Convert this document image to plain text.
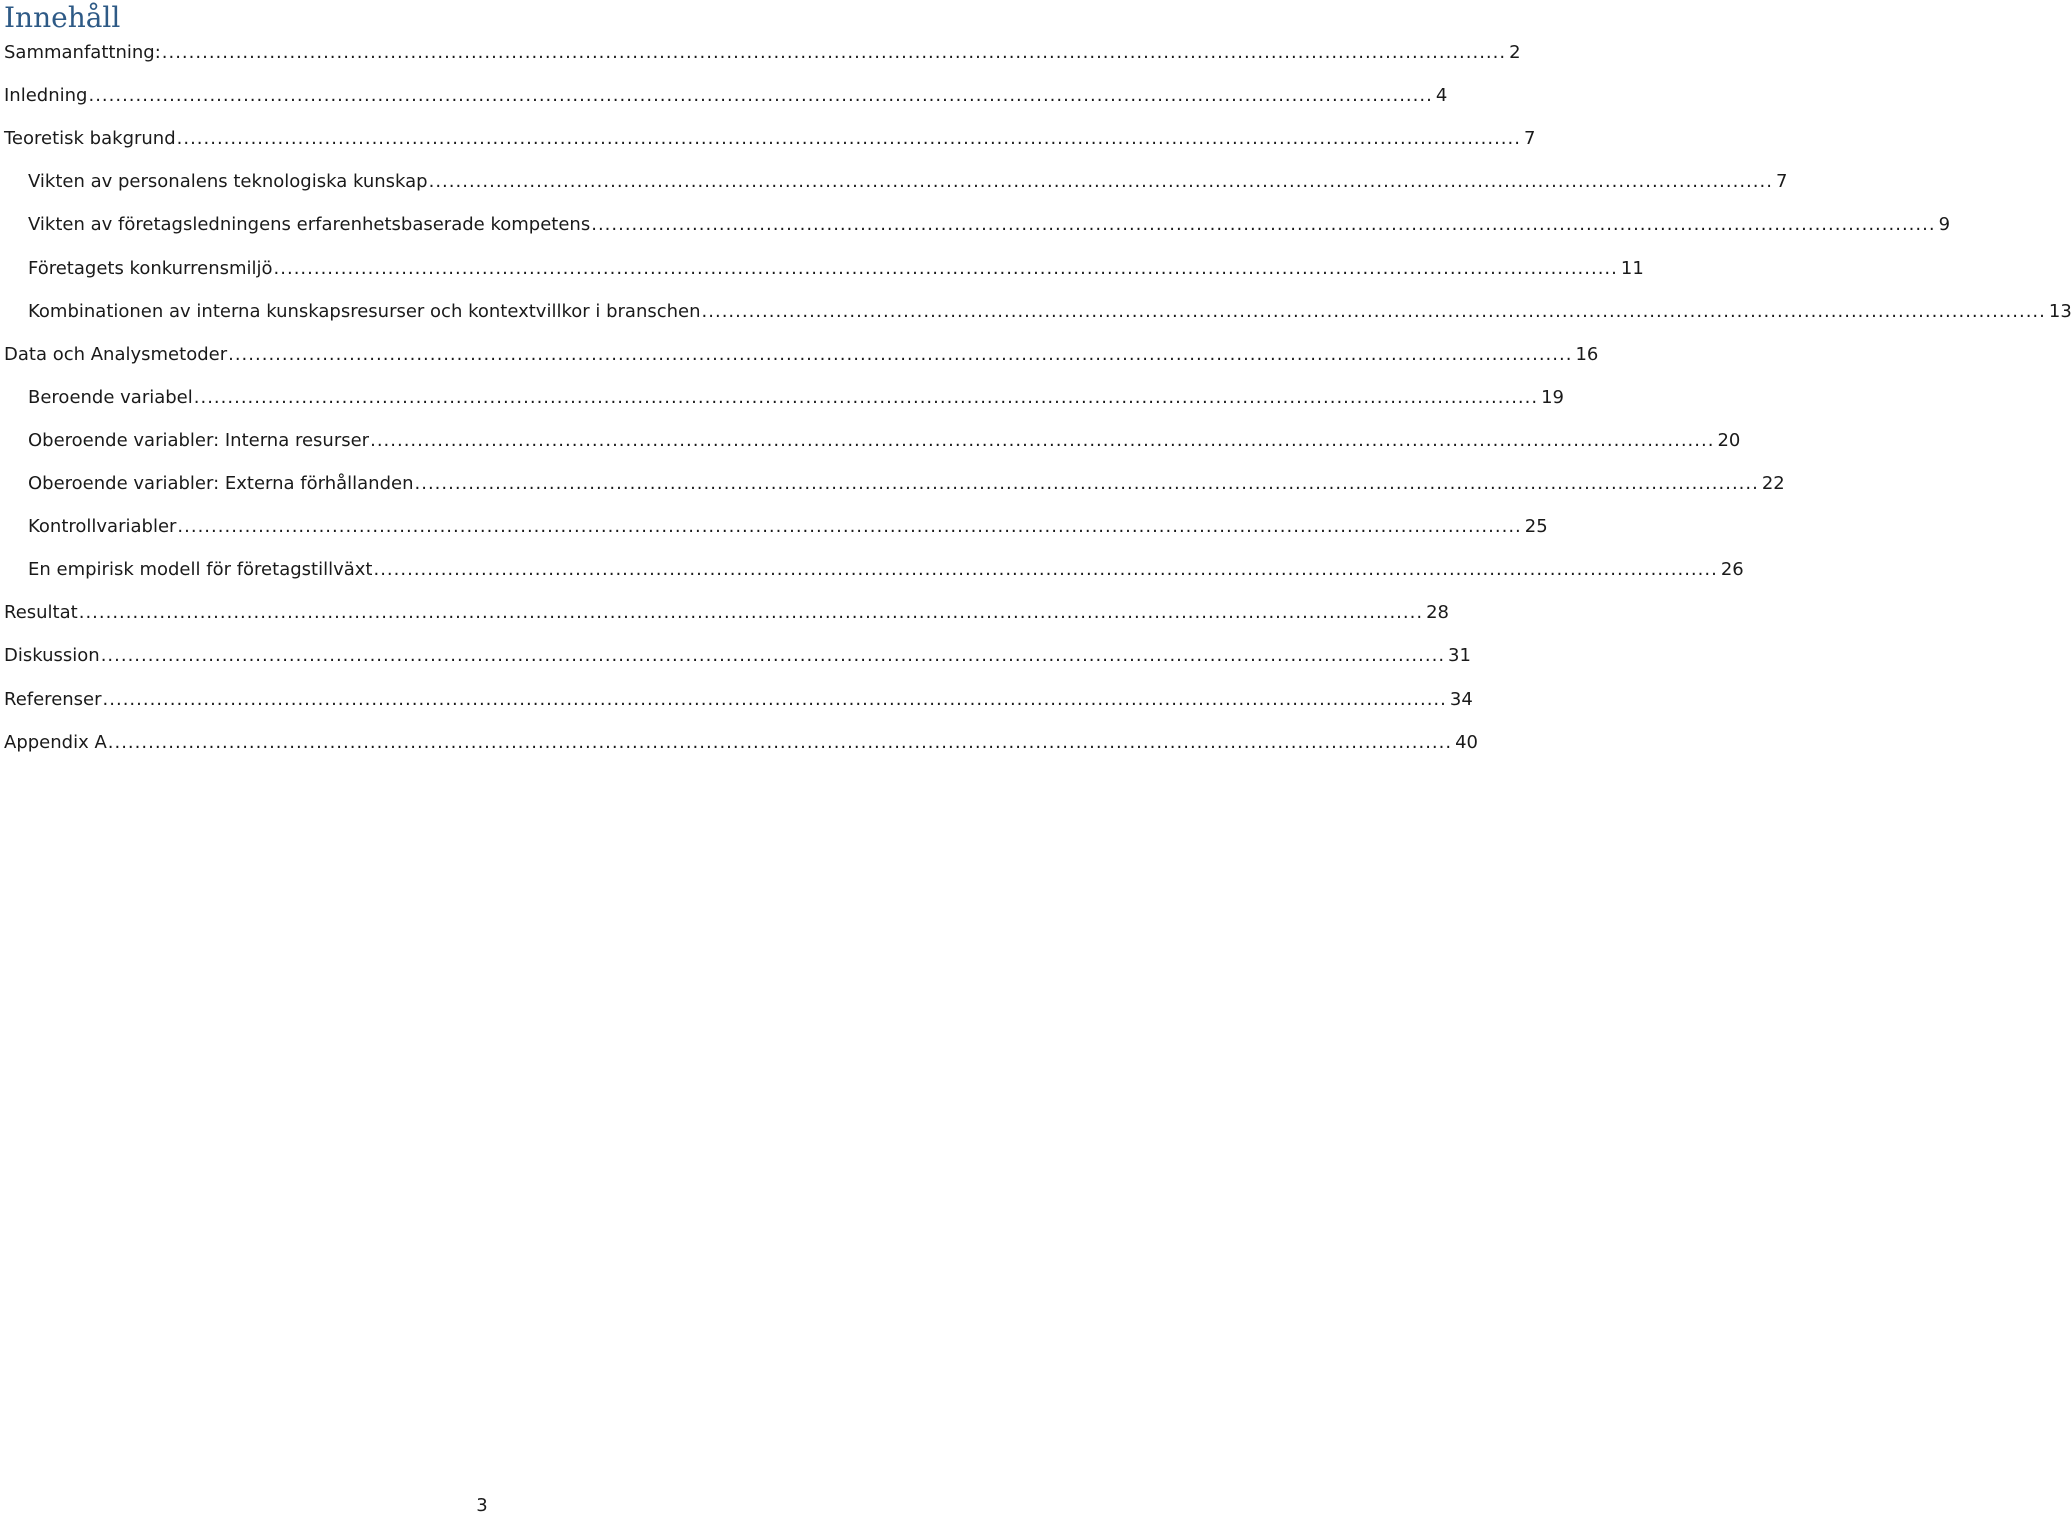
Innehåll
Sammanfattning: ........................................................................................................................................................................................................ 2
Inledning ........................................................................................................................................................................................................ 4
Teoretisk bakgrund ........................................................................................................................................................................................................ 7
Vikten av personalens teknologiska kunskap ........................................................................................................................................................................................................ 7
Vikten av företagsledningens erfarenhetsbaserade kompetens ........................................................................................................................................................................................................ 9
Företagets konkurrensmiljö ........................................................................................................................................................................................................ 11
Kombinationen av interna kunskapsresurser och kontextvillkor i branschen ........................................................................................................................................................................................................ 13
Data och Analysmetoder ........................................................................................................................................................................................................ 16
Beroende variabel ........................................................................................................................................................................................................ 19
Oberoende variabler: Interna resurser ........................................................................................................................................................................................................ 20
Oberoende variabler: Externa förhållanden ........................................................................................................................................................................................................ 22
Kontrollvariabler ........................................................................................................................................................................................................ 25
En empirisk modell för företagstillväxt ........................................................................................................................................................................................................ 26
Resultat ........................................................................................................................................................................................................ 28
Diskussion ........................................................................................................................................................................................................ 31
Referenser ........................................................................................................................................................................................................ 34
Appendix A ........................................................................................................................................................................................................ 40
3
